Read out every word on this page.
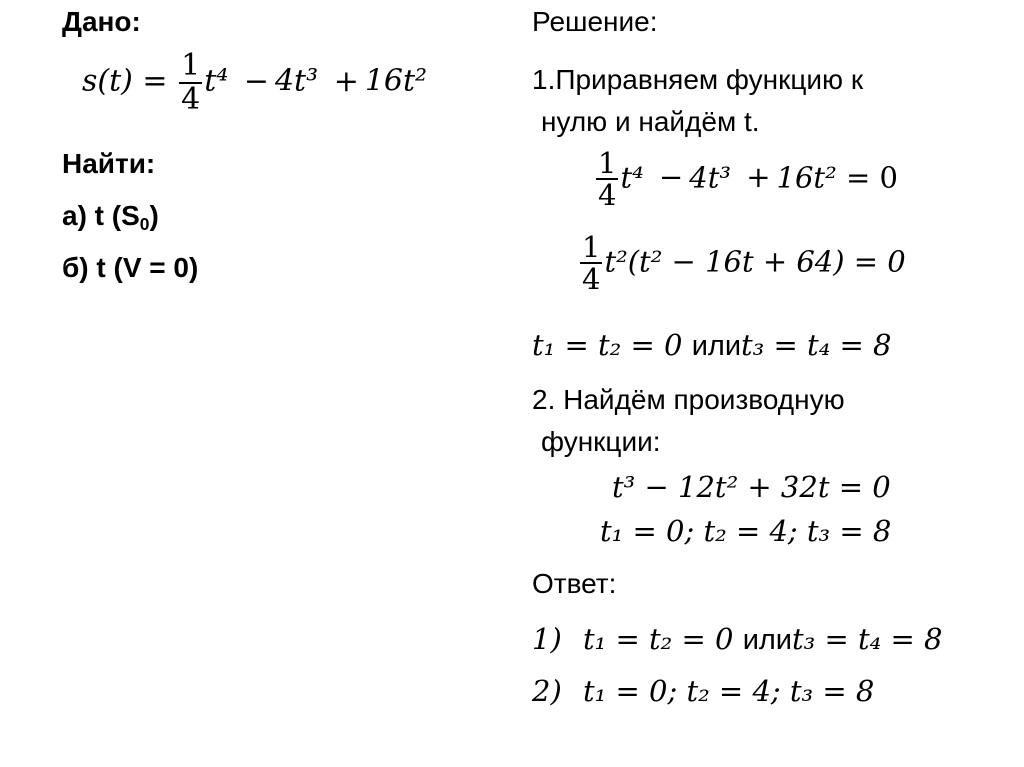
Дано:
$s(t) = \frac{1}{4} t^4 - 4t^3 + 16t^2$
Найти:
а) t $(S_0)$
б) t (V = 0)
Решение:
1.Приравняем функцию к
нулю и найдём t.
$\frac{1}{4} t^4 - 4t^3 + 16t^2 = 0$
$\frac{1}{4} t^2(t^2 - 16t + 64) = 0$
t₁ = t₂ = 0 илиt₃ = t₄ = 8
2. Найдём производную
функции:
t³ − 12t² + 32t = 0
t₁ = 0; t₂ = 4; t₃ = 8
Ответ:
1) t₁ = t₂ = 0 илиt₃ = t₄ = 8
2) t₁ = 0; t₂ = 4; t₃ = 8
